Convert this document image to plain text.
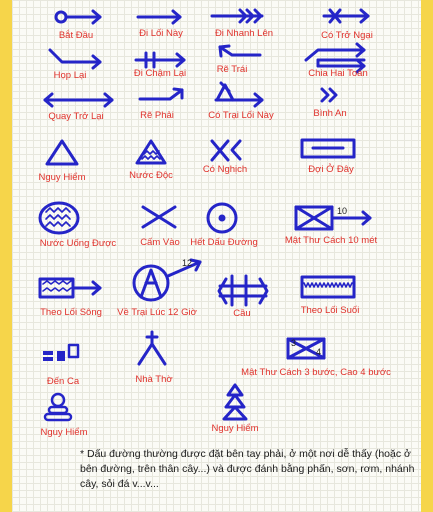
Bắt Đầu	Đi Lối Này	Đi Nhanh Lên	Có Trở Ngại
Họp Lại	Đi Chậm Lại	Rẽ Trái	Chia Hai Toán
Quay Trở Lại	Rẽ Phải	Có Trại Lối Này	Bình An
Nguy Hiểm	Nước Độc
Có Nghịch	Đợi Ở Đây
Nước Uống Được	Cấm Vào Hết Dấu Đường
10
Mật Thư Cách 10 mét
Theo Lối Sông
12
Về Trại Lúc 12 Giờ	Cầu	Theo Lối Suối
Đến Ca	Nhà Thờ
3
4
Mật Thư Cách 3 bước, Cao 4 bước
Nguy Hiểm	Nguy Hiểm
* Dấu đường thường được đặt bên tay phải, ở một nơi dễ thấy (hoặc ở bên đường, trên thân cây...) và được đánh bằng phấn, sơn, rơm, nhánh cây, sỏi đá v...v...
